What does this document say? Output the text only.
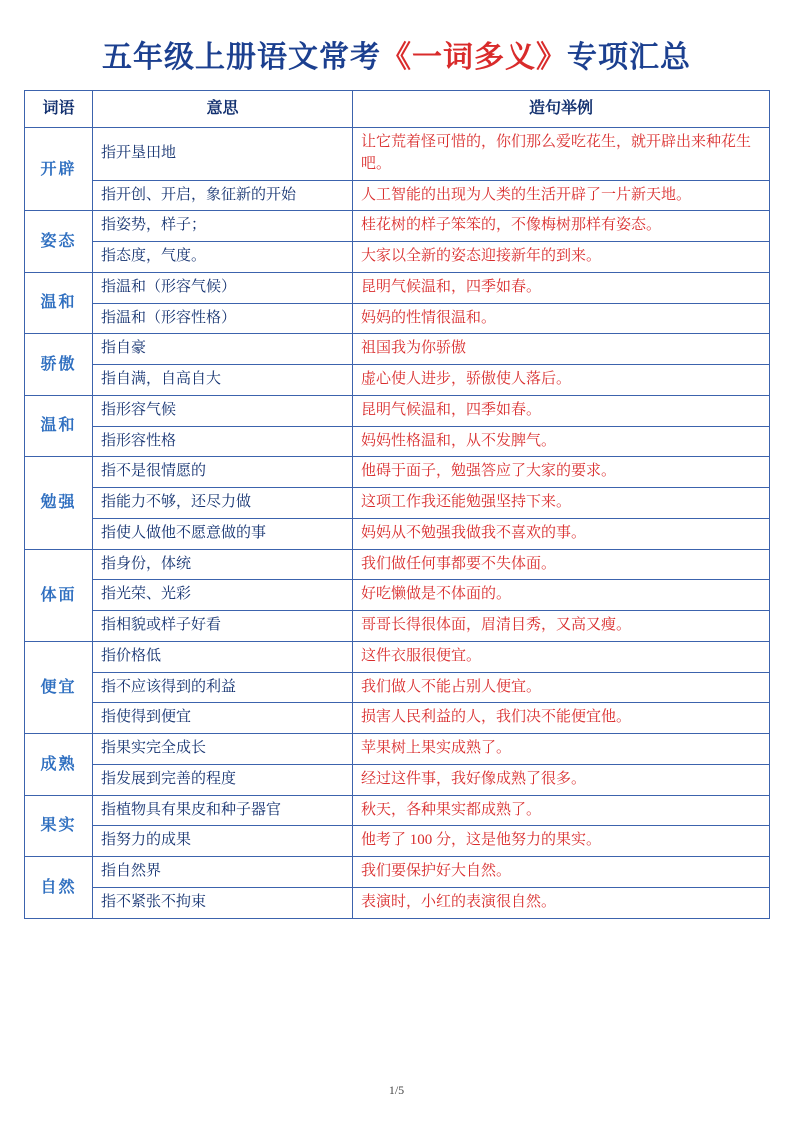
五年级上册语文常考《一词多义》专项汇总
词语	意思	造句举例
开辟	指开垦田地	让它荒着怪可惜的，你们那么爱吃花生，就开辟出来种花生吧。
	指开创、开启，象征新的开始	人工智能的出现为人类的生活开辟了一片新天地。
姿态	指姿势，样子；	桂花树的样子笨笨的，不像梅树那样有姿态。
	指态度，气度。	大家以全新的姿态迎接新年的到来。
温和	指温和（形容气候）	昆明气候温和，四季如春。
	指温和（形容性格）	妈妈的性情很温和。
骄傲	指自豪	祖国我为你骄傲
	指自满，自高自大	虚心使人进步，骄傲使人落后。
温和	指形容气候	昆明气候温和，四季如春。
	指形容性格	妈妈性格温和，从不发脾气。
勉强	指不是很情愿的	他碍于面子，勉强答应了大家的要求。
	指能力不够，还尽力做	这项工作我还能勉强坚持下来。
	指使人做他不愿意做的事	妈妈从不勉强我做我不喜欢的事。
体面	指身份，体统	我们做任何事都要不失体面。
	指光荣、光彩	好吃懒做是不体面的。
	指相貌或样子好看	哥哥长得很体面，眉清目秀，又高又瘦。
便宜	指价格低	这件衣服很便宜。
	指不应该得到的利益	我们做人不能占别人便宜。
	指使得到便宜	损害人民利益的人，我们决不能便宜他。
成熟	指果实完全成长	苹果树上果实成熟了。
	指发展到完善的程度	经过这件事，我好像成熟了很多。
果实	指植物具有果皮和种子器官	秋天，各种果实都成熟了。
	指努力的成果	他考了 100 分，这是他努力的果实。
自然	指自然界	我们要保护好大自然。
	指不紧张不拘束	表演时，小红的表演很自然。
1/5
